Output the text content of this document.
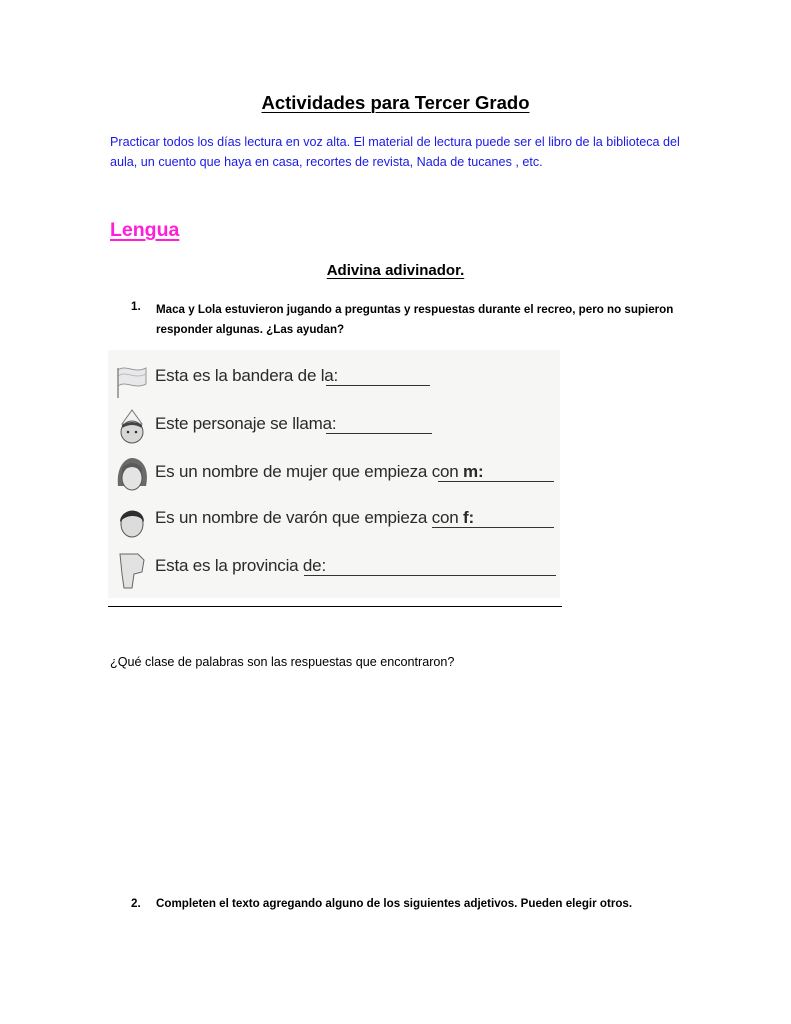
Actividades para Tercer Grado
Practicar todos los días lectura en voz alta. El material de lectura puede ser el libro de la biblioteca del aula, un cuento que haya en casa, recortes de revista, Nada de tucanes , etc.
Lengua
Adivina adivinador.
1. Maca y Lola estuvieron jugando a preguntas y respuestas durante el recreo, pero no supieron responder algunas. ¿Las ayudan?
Esta es la bandera de la:
Este personaje se llama:
Es un nombre de mujer que empieza con m:
Es un nombre de varón que empieza con f:
Esta es la provincia de:
¿Qué clase de palabras son las respuestas que encontraron?
2. Completen el texto agregando alguno de los siguientes adjetivos. Pueden elegir otros.
